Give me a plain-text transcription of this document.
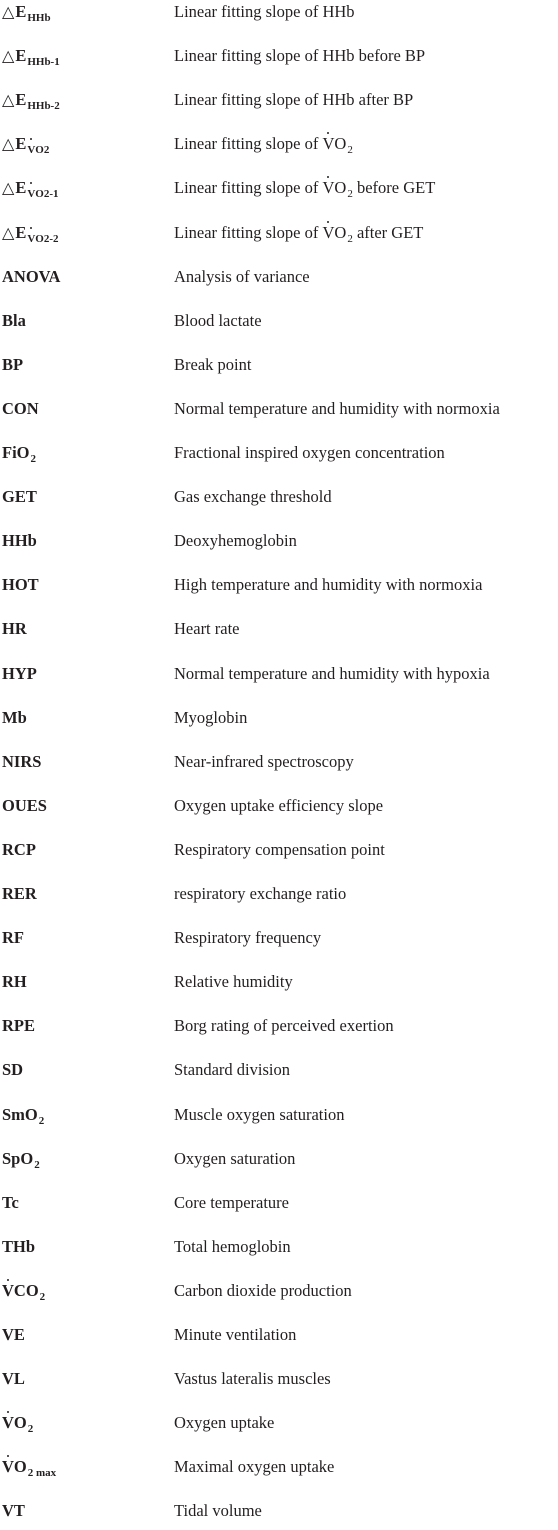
$\triangle E_{HHb}$	Linear fitting slope of HHb
$\triangle E_{HHb-1}$	Linear fitting slope of HHb before BP
$\triangle E_{HHb-2}$	Linear fitting slope of HHb after BP
$\triangle E_{VO2}$	Linear fitting slope of $VO_2$
$\triangle E_{VO2-1}$	Linear fitting slope of $VO_2$ before GET
$\triangle E_{VO2-2}$	Linear fitting slope of $VO_2$ after GET
ANOVA	Analysis of variance
Bla	Blood lactate
BP	Break point
CON	Normal temperature and humidity with normoxia
FiO$_2$	Fractional inspired oxygen concentration
GET	Gas exchange threshold
HHb	Deoxyhemoglobin
HOT	High temperature and humidity with normoxia
HR	Heart rate
HYP	Normal temperature and humidity with hypoxia
Mb	Myoglobin
NIRS	Near-infrared spectroscopy
OUES	Oxygen uptake efficiency slope
RCP	Respiratory compensation point
RER	respiratory exchange ratio
RF	Respiratory frequency
RH	Relative humidity
RPE	Borg rating of perceived exertion
SD	Standard division
SmO$_2$	Muscle oxygen saturation
SpO$_2$	Oxygen saturation
Tc	Core temperature
THb	Total hemoglobin
$VCO_2$	Carbon dioxide production
VE	Minute ventilation
VL	Vastus lateralis muscles
$VO_2$	Oxygen uptake
$VO_{2 max}$	Maximal oxygen uptake
VT	Tidal volume
